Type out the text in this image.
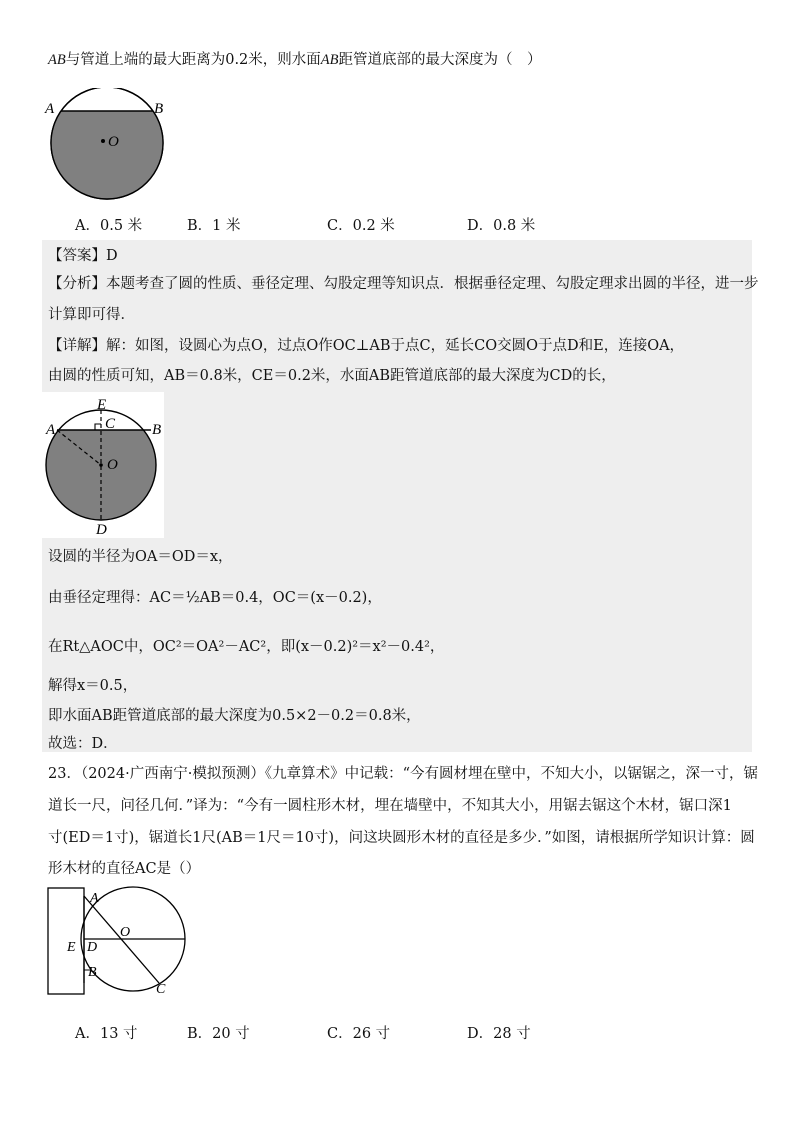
AB与管道上端的最大距离为0.2米，则水面AB距管道底部的最大深度为（　）
A	B
O
A．0.5 米	B．1 米	C．0.2 米	D．0.8 米
【答案】D
【分析】本题考查了圆的性质、垂径定理、勾股定理等知识点．根据垂径定理、勾股定理求出圆的半径，进一步
计算即可得．
【详解】解：如图，设圆心为点O，过点O作OC⊥AB于点C，延长CO交圆O于点D和E，连接OA，
由圆的性质可知，AB＝0.8米，CE＝0.2米，水面AB距管道底部的最大深度为CD的长，
E
C
A	B
O
D
设圆的半径为OA＝OD＝x，
由垂径定理得：AC＝½AB＝0.4，OC＝(x－0.2)，
在Rt△AOC中，OC²＝OA²－AC²，即(x－0.2)²＝x²－0.4²，
解得x＝0.5，
即水面AB距管道底部的最大深度为0.5×2－0.2＝0.8米，
故选：D．
23．（2024·广西南宁·模拟预测）《九章算术》中记载：“今有圆材埋在壁中，不知大小，以锯锯之，深一寸，锯
道长一尺，问径几何．”译为：“今有一圆柱形木材，埋在墙壁中，不知其大小，用锯去锯这个木材，锯口深1
寸(ED＝1寸)，锯道长1尺(AB＝1尺＝10寸)，问这块圆形木材的直径是多少．”如图，请根据所学知识计算：圆
形木材的直径AC是（）
A
O
E D
B
C
A．13 寸	B．20 寸	C．26 寸	D．28 寸
